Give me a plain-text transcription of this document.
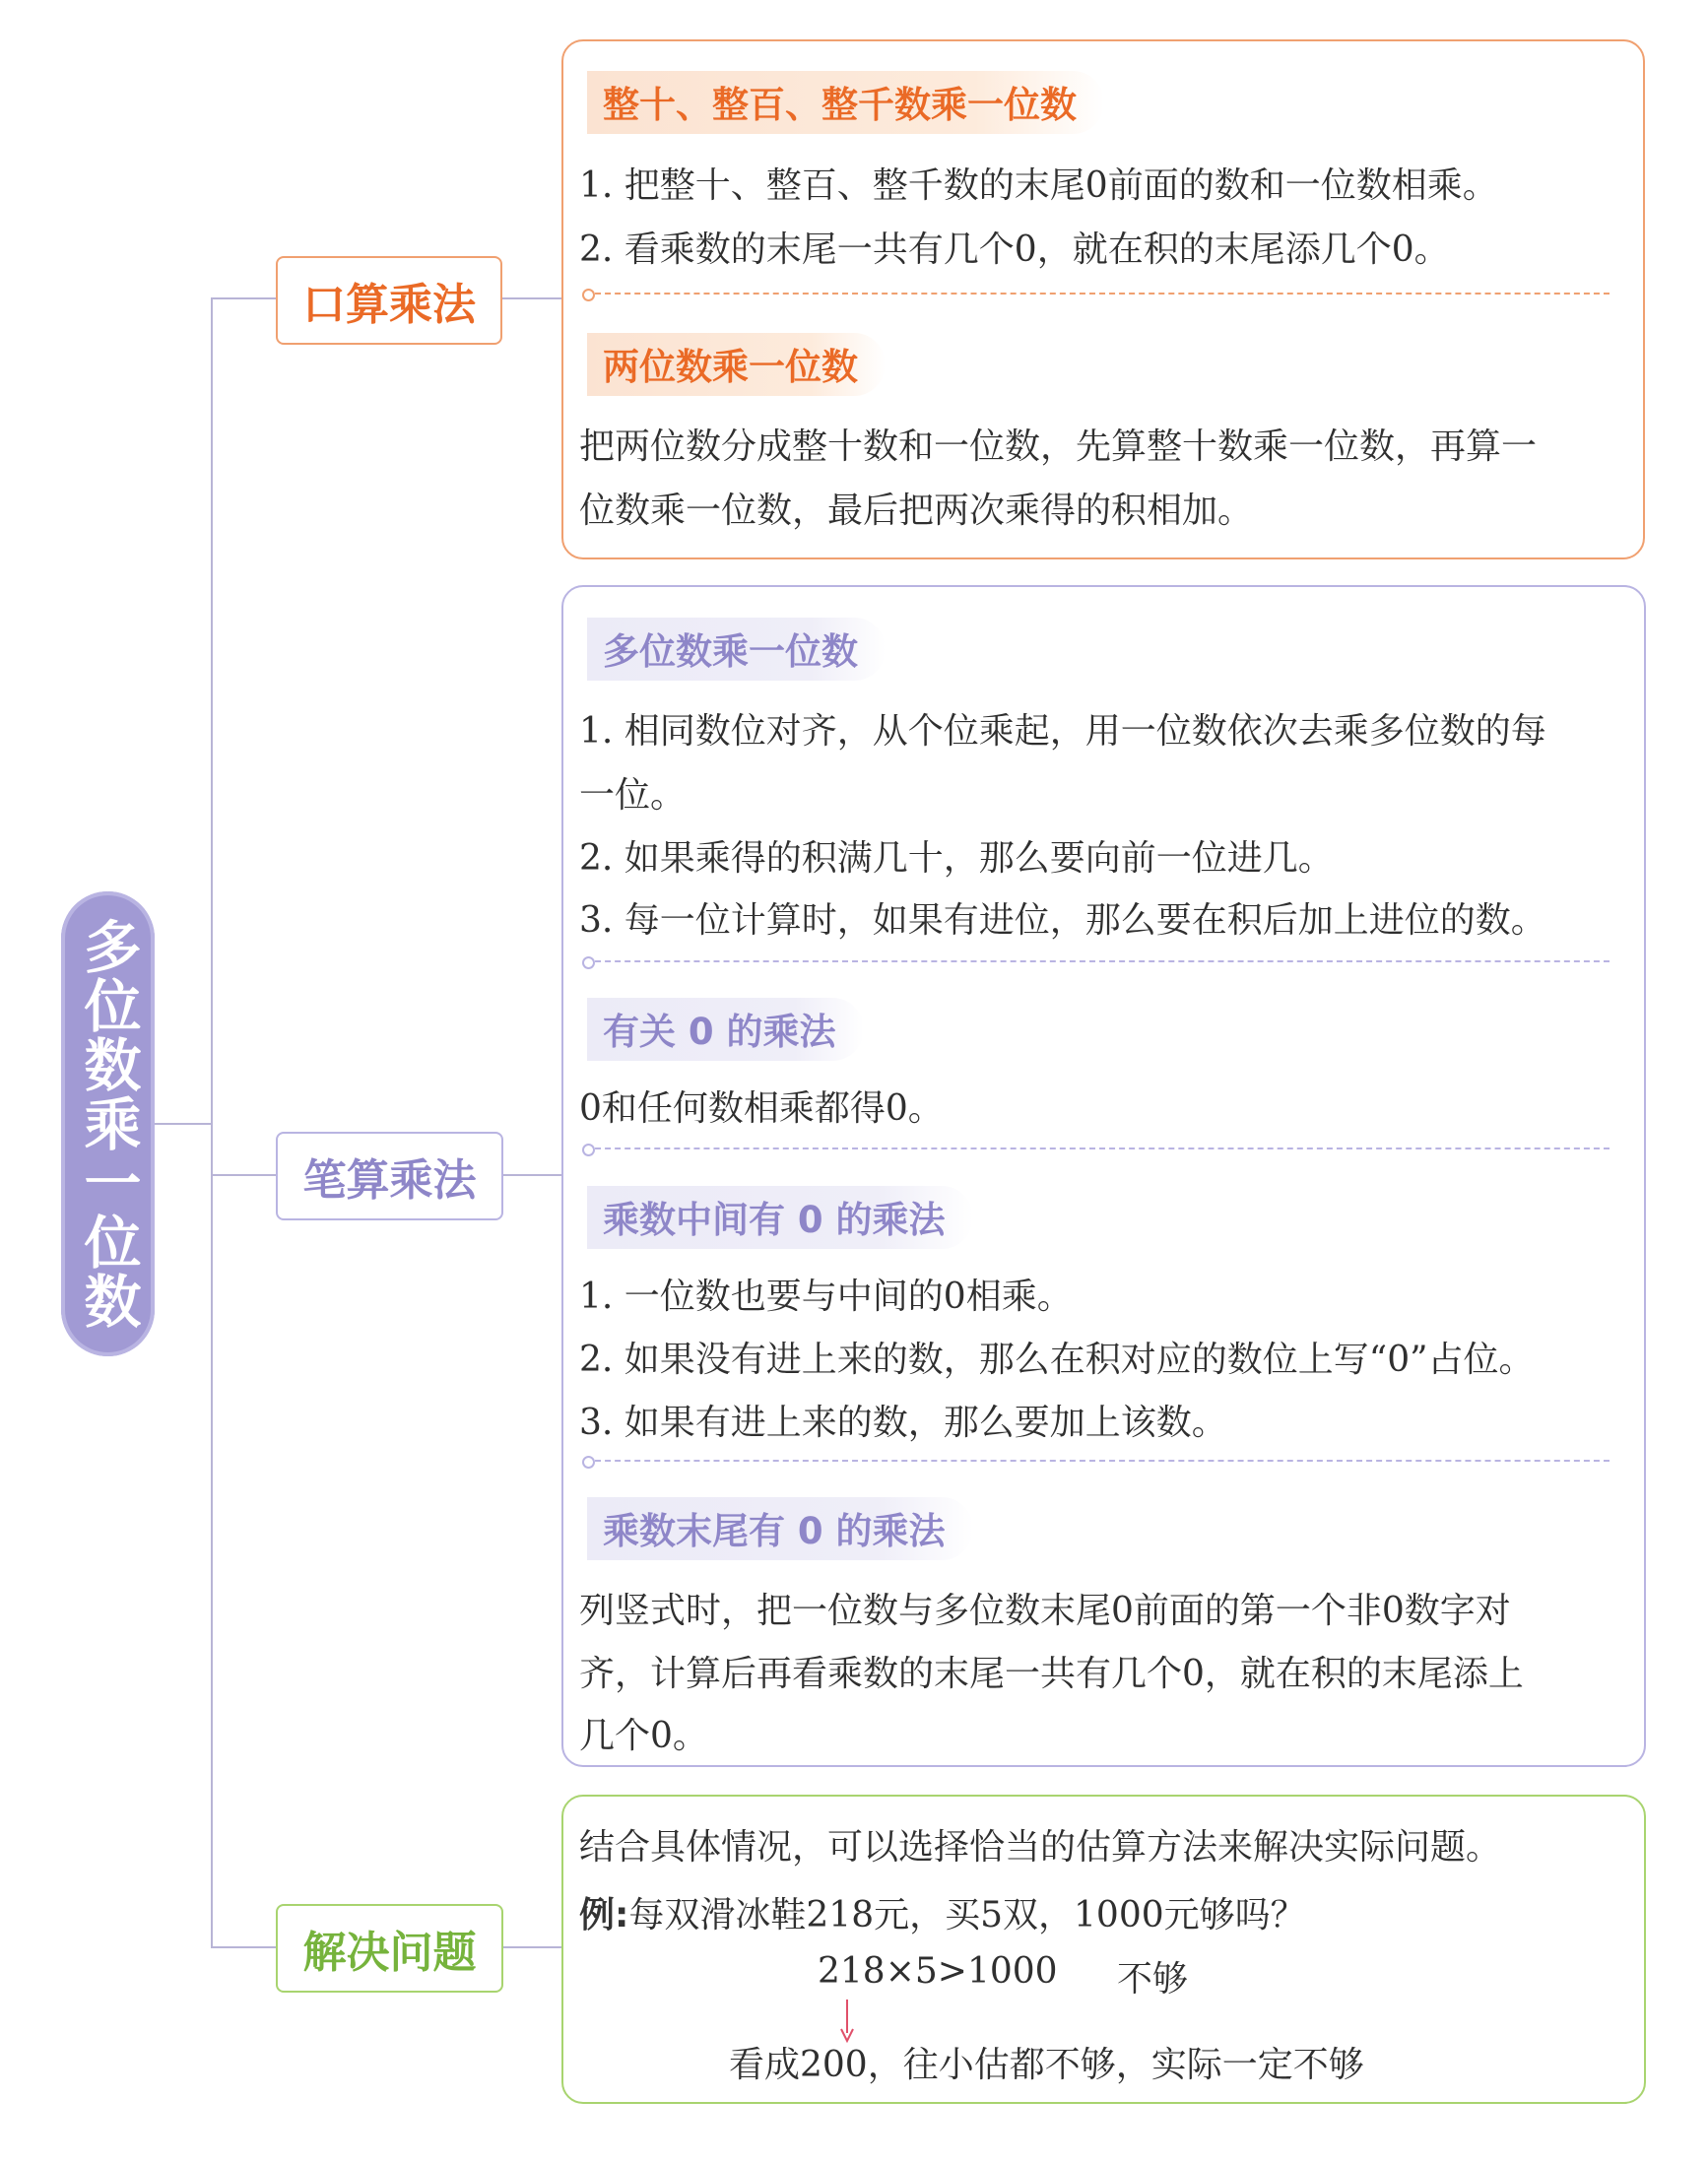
多位数乘一位数
口算乘法
笔算乘法
解决问题
整十、整百、整千数乘一位数
1. 把整十、整百、整千数的末尾0前面的数和一位数相乘。
2. 看乘数的末尾一共有几个0，就在积的末尾添几个0。
两位数乘一位数
把两位数分成整十数和一位数，先算整十数乘一位数，再算一
位数乘一位数，最后把两次乘得的积相加。
多位数乘一位数
1. 相同数位对齐，从个位乘起，用一位数依次去乘多位数的每
一位。
2. 如果乘得的积满几十，那么要向前一位进几。
3. 每一位计算时，如果有进位，那么要在积后加上进位的数。
有关 0 的乘法
0和任何数相乘都得0。
乘数中间有 0 的乘法
1. 一位数也要与中间的0相乘。
2. 如果没有进上来的数，那么在积对应的数位上写“0”占位。
3. 如果有进上来的数，那么要加上该数。
乘数末尾有 0 的乘法
列竖式时，把一位数与多位数末尾0前面的第一个非0数字对
齐，计算后再看乘数的末尾一共有几个0，就在积的末尾添上
几个0。
结合具体情况，可以选择恰当的估算方法来解决实际问题。
例:每双滑冰鞋218元，买5双，1000元够吗？
218×5>1000 不够
看成200，往小估都不够，实际一定不够
